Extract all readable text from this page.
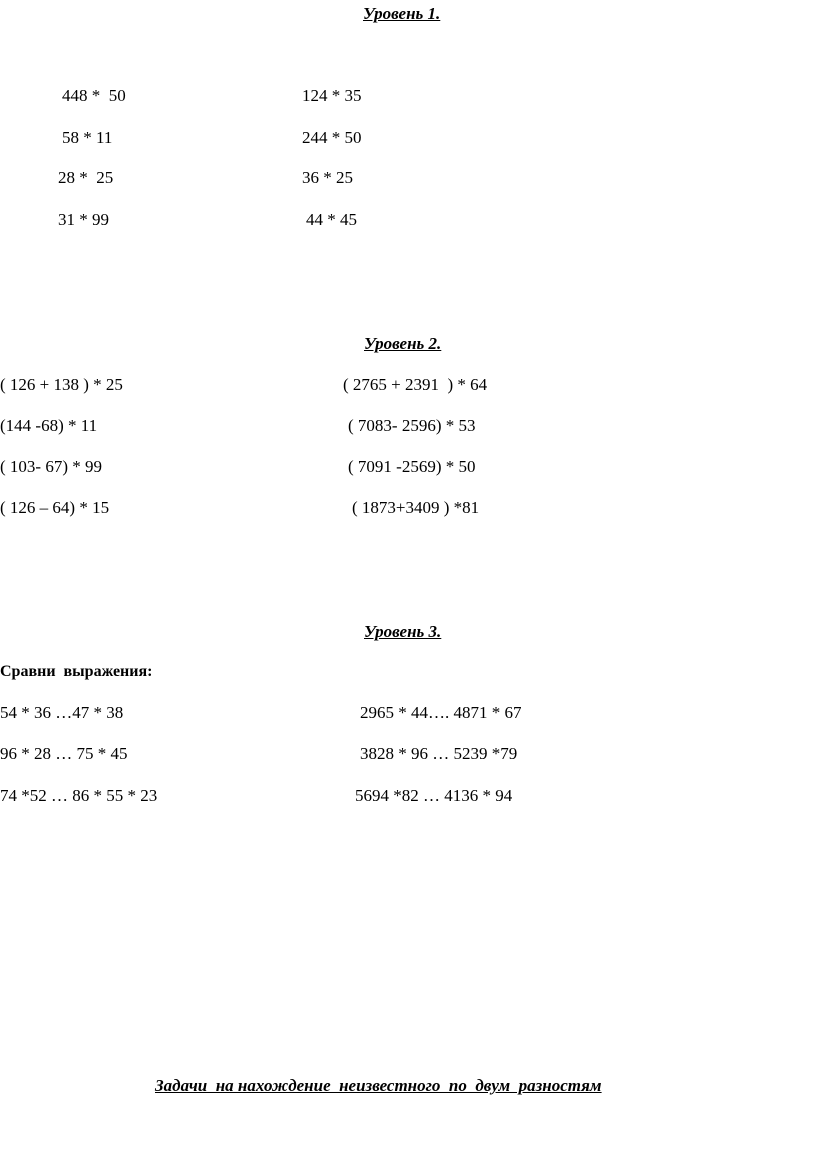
Уровень 1.
448 *  50
58 * 11
28 *  25
31 * 99
124 * 35
244 * 50
36 * 25
44 * 45
Уровень 2.
( 126 + 138 ) * 25
(144 -68) * 11
( 103- 67) * 99
( 126 – 64) * 15
( 2765 + 2391  ) * 64
( 7083- 2596) * 53
( 7091 -2569) * 50
( 1873+3409 ) *81
Уровень 3.
Сравни  выражения:
54 * 36 …47 * 38
96 * 28 … 75 * 45
74 *52 … 86 * 55 * 23
2965 * 44…. 4871 * 67
3828 * 96 … 5239 *79
5694 *82 … 4136 * 94
Задачи  на нахождение  неизвестного  по  двум  разностям
